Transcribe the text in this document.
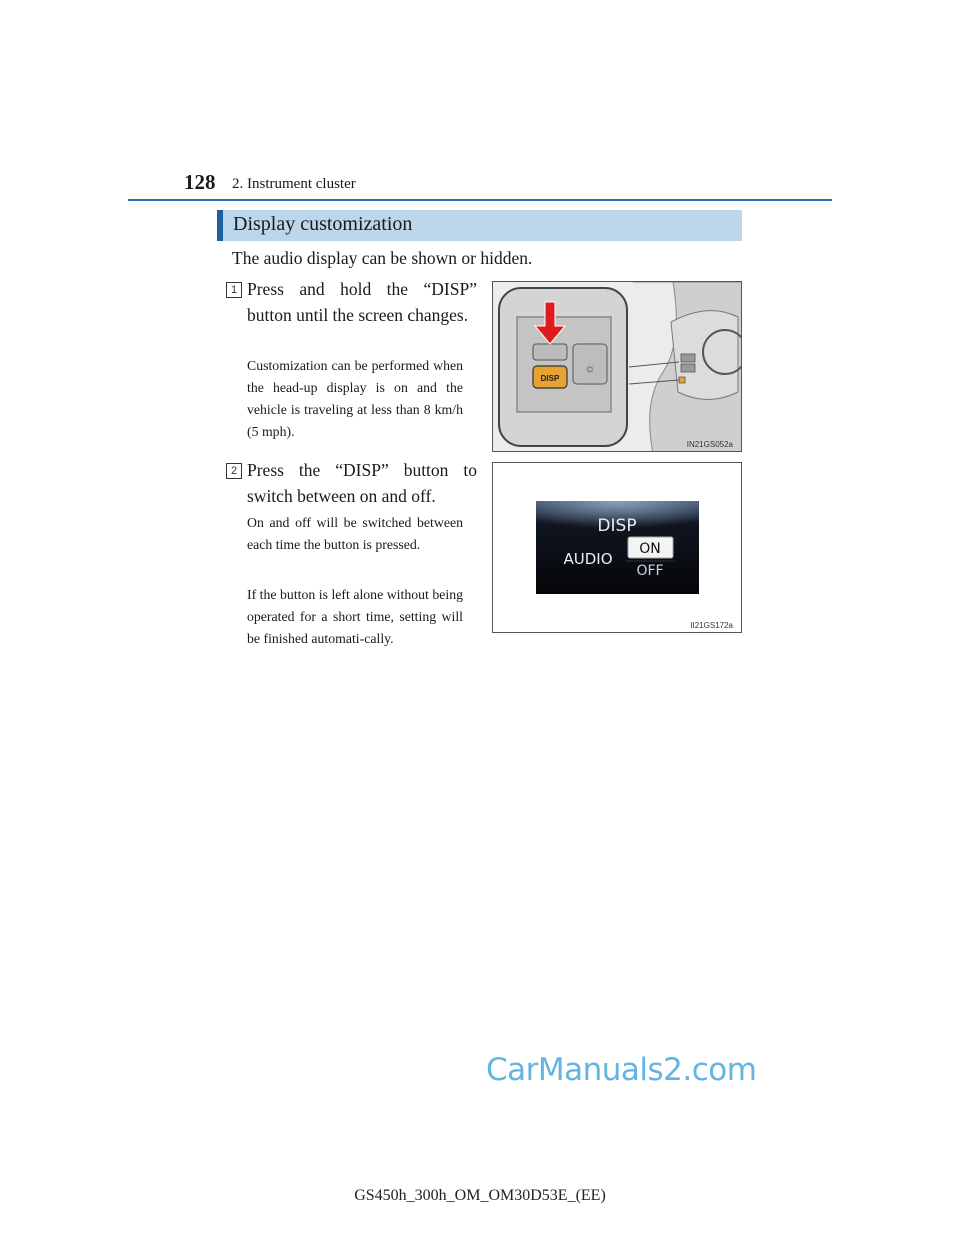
128 2. Instrument cluster
Display customization
The audio display can be shown or hidden.
1 Press and hold the “DISP” button until the screen changes.
Customization can be performed when the head-up display is on and the vehicle is traveling at less than 8 km/h (5 mph).
☼
DISP
IN21GS052a
2 Press the “DISP” button to switch between on and off.
On and off will be switched between each time the button is pressed.
If the button is left alone without being operated for a short time, setting will be finished automati-cally.
DISP
AUDIO
ON
OFF
II21GS172a
CarManuals2.com
GS450h_300h_OM_OM30D53E_(EE)
